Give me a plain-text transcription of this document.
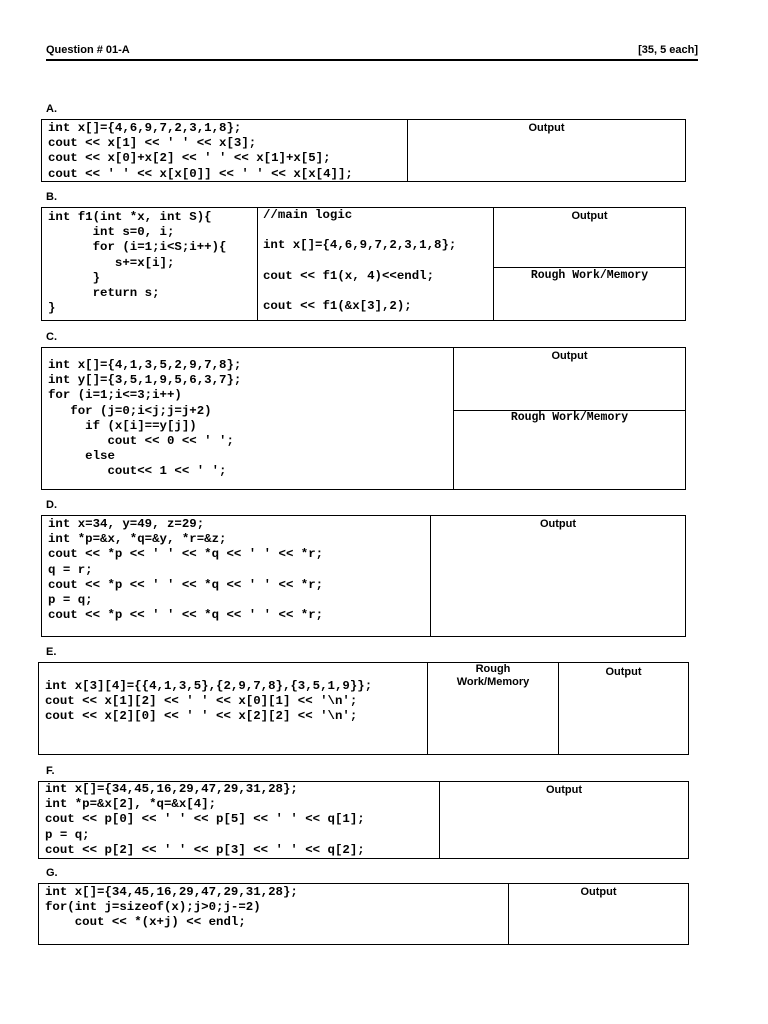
Question # 01-A	[35, 5 each]
A.
int x[]={4,6,9,7,2,3,1,8};
cout << x[1] << ' ' << x[3];
cout << x[0]+x[2] << ' ' << x[1]+x[5];
cout << ' ' << x[x[0]] << ' ' << x[x[4]];
Output
B.
int f1(int *x, int S){
int s=0, i;
for (i=1;i<S;i++){
s+=x[i];
}
return s;
}
//main logic

int x[]={4,6,9,7,2,3,1,8};

cout << f1(x, 4)<<endl;

cout << f1(&x[3],2);
Output
Rough Work/Memory
C.
int x[]={4,1,3,5,2,9,7,8};
int y[]={3,5,1,9,5,6,3,7};
for (i=1;i<=3;i++)
for (j=0;i<j;j=j+2)
if (x[i]==y[j])
cout << 0 << ' ';
else
cout<< 1 << ' ';
Output
Rough Work/Memory
D.
int x=34, y=49, z=29;
int *p=&x, *q=&y, *r=&z;
cout << *p << ' ' << *q << ' ' << *r;
q = r;
cout << *p << ' ' << *q << ' ' << *r;
p = q;
cout << *p << ' ' << *q << ' ' << *r;
Output
E.
int x[3][4]={{4,1,3,5},{2,9,7,8},{3,5,1,9}};
cout << x[1][2] << ' ' << x[0][1] << '\n';
cout << x[2][0] << ' ' << x[2][2] << '\n';
Rough
Work/Memory
Output
F.
int x[]={34,45,16,29,47,29,31,28};
int *p=&x[2], *q=&x[4];
cout << p[0] << ' ' << p[5] << ' ' << q[1];
p = q;
cout << p[2] << ' ' << p[3] << ' ' << q[2];
Output
G.
int x[]={34,45,16,29,47,29,31,28};
for(int j=sizeof(x);j>0;j-=2)
cout << *(x+j) << endl;
Output
